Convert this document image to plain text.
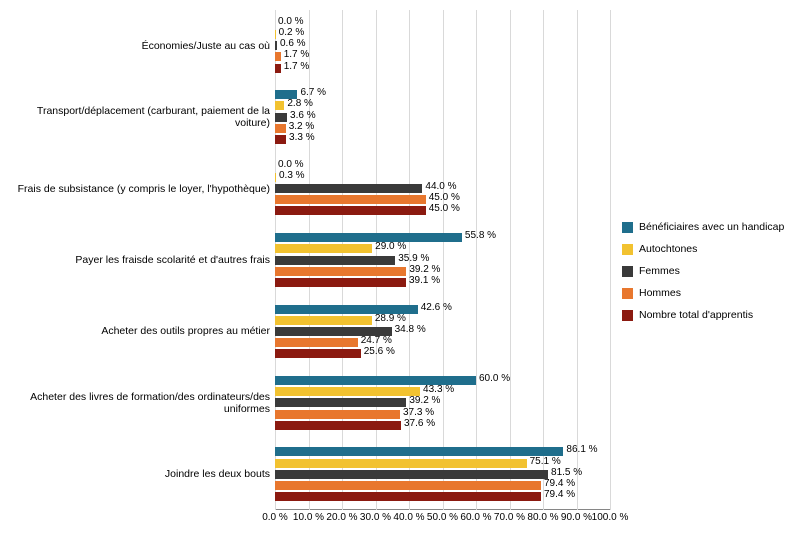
Économies/Juste au cas où
Transport/déplacement (carburant, paiement de la voiture)
Frais de subsistance (y compris le loyer, l'hypothèque)
Payer les fraisde scolarité et d'autres frais
Acheter des outils propres au métier
Acheter des livres de formation/des ordinateurs/des uniformes
Joindre les deux bouts
0.0 %
0.2 %
0.6 %
1.7 %
1.7 %
6.7 %
2.8 %
3.6 %
3.2 %
3.3 %
0.0 %
0.3 %
44.0 %
45.0 %
45.0 %
55.8 %
29.0 %
35.9 %
39.2 %
39.1 %
42.6 %
28.9 %
34.8 %
24.7 %
25.6 %
60.0 %
43.3 %
39.2 %
37.3 %
37.6 %
86.1 %
75.1 %
81.5 %
79.4 %
79.4 %
0.0 % 10.0 % 20.0 % 30.0 % 40.0 % 50.0 % 60.0 % 70.0 % 80.0 % 90.0 % 100.0 %
Bénéficiaires avec un handicap
Autochtones
Femmes
Hommes
Nombre total d'apprentis
